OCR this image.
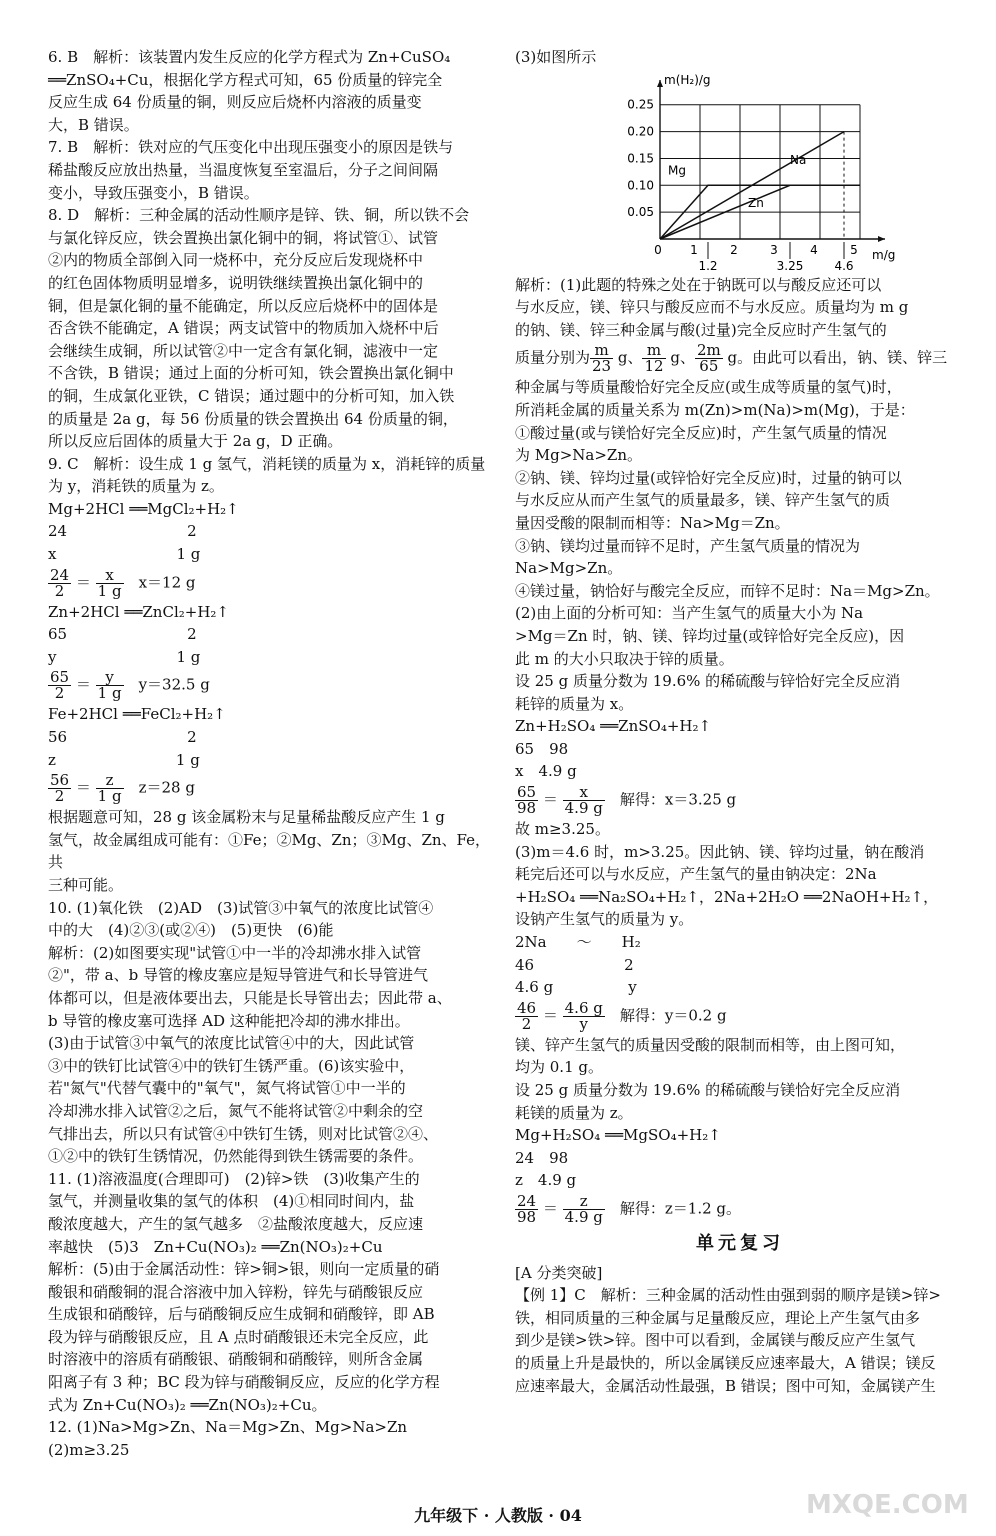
6. B　解析：该装置内发生反应的化学方程式为 Zn+CuSO₄

══ZnSO₄+Cu，根据化学方程式可知，65 份质量的锌完全

反应生成 64 份质量的铜，则反应后烧杯内溶液的质量变

大，B 错误。

7. B　解析：铁对应的气压变化中出现压强变小的原因是铁与

稀盐酸反应放出热量，当温度恢复至室温后，分子之间间隔

变小，导致压强变小，B 错误。

8. D　解析：三种金属的活动性顺序是锌、铁、铜，所以铁不会

与氯化锌反应，铁会置换出氯化铜中的铜，将试管①、试管

②内的物质全部倒入同一烧杯中，充分反应后发现烧杯中

的红色固体物质明显增多，说明铁继续置换出氯化铜中的

铜，但是氯化铜的量不能确定，所以反应后烧杯中的固体是

否含铁不能确定，A 错误；两支试管中的物质加入烧杯中后

会继续生成铜，所以试管②中一定含有氯化铜，滤液中一定

不含铁，B 错误；通过上面的分析可知，铁会置换出氯化铜中

的铜，生成氯化亚铁，C 错误；通过题中的分析可知，加入铁

的质量是 2a g，每 56 份质量的铁会置换出 64 份质量的铜，

所以反应后固体的质量大于 2a g，D 正确。

9. C　解析：设生成 1 g 氢气，消耗镁的质量为 x，消耗锌的质量

为 y，消耗铁的质量为 z。

Mg+2HCl ══MgCl₂+H₂↑

24　　　　　　　　2

x　　　　　　　　1 g

$\frac{24}{2} = \frac{x}{1 g}$ 　x＝12 g

Zn+2HCl ══ZnCl₂+H₂↑

65　　　　　　　　2

y　　　　　　　　1 g

$\frac{65}{2} = \frac{y}{1 g}$ 　y＝32.5 g

Fe+2HCl ══FeCl₂+H₂↑

56　　　　　　　　2

z　　　　　　　　1 g

$\frac{56}{2} = \frac{z}{1 g}$ 　z＝28 g

根据题意可知，28 g 该金属粉末与足量稀盐酸反应产生 1 g

氢气，故金属组成可能有：①Fe；②Mg、Zn；③Mg、Zn、Fe，共

三种可能。

10. (1)氧化铁　(2)AD　(3)试管③中氧气的浓度比试管④

中的大　(4)②③(或②④)　(5)更快　(6)能

解析：(2)如图要实现"试管①中一半的冷却沸水排入试管

②"，带 a、b 导管的橡皮塞应是短导管进气和长导管进气

体都可以，但是液体要出去，只能是长导管出去；因此带 a、

b 导管的橡皮塞可选择 AD 这种能把冷却的沸水排出。

(3)由于试管③中氧气的浓度比试管④中的大，因此试管

③中的铁钉比试管④中的铁钉生锈严重。(6)该实验中，

若"氮气"代替气囊中的"氧气"，氮气将试管①中一半的

冷却沸水排入试管②之后，氮气不能将试管②中剩余的空

气排出去，所以只有试管④中铁钉生锈，则对比试管②④、

①②中的铁钉生锈情况，仍然能得到铁生锈需要的条件。

11. (1)溶液温度(合理即可)　(2)锌>铁　(3)收集产生的

氢气，并测量收集的氢气的体积　(4)①相同时间内，盐

酸浓度越大，产生的氢气越多　②盐酸浓度越大，反应速

率越快　(5)3　Zn+Cu(NO₃)₂ ══Zn(NO₃)₂+Cu

解析：(5)由于金属活动性：锌>铜>银，则向一定质量的硝

酸银和硝酸铜的混合溶液中加入锌粉，锌先与硝酸银反应

生成银和硝酸锌，后与硝酸铜反应生成铜和硝酸锌，即 AB

段为锌与硝酸银反应，且 A 点时硝酸银还未完全反应，此

时溶液中的溶质有硝酸银、硝酸铜和硝酸锌，则所含金属

阳离子有 3 种；BC 段为锌与硝酸铜反应，反应的化学方程

式为 Zn+Cu(NO₃)₂ ══Zn(NO₃)₂+Cu。

12. (1)Na>Mg>Zn、Na＝Mg>Zn、Mg>Na>Zn　(2)m≥3.25

(3)如图所示

m(H₂)/g
m/g
0.05
0.10
0.15
0.20
0.25
0 1	2	3	4	5
1.2	3.25	4.6
Mg
Zn
Na

解析：(1)此题的特殊之处在于钠既可以与酸反应还可以

与水反应，镁、锌只与酸反应而不与水反应。质量均为 m g

的钠、镁、锌三种金属与酸(过量)完全反应时产生氢气的

质量分别为 $\frac{m}{23}$ g、 $\frac{m}{12}$ g、 $\frac{2m}{65}$ g。由此可以看出，钠、镁、锌三

种金属与等质量酸恰好完全反应(或生成等质量的氢气)时，

所消耗金属的质量关系为 m(Zn)>m(Na)>m(Mg)，于是：

①酸过量(或与镁恰好完全反应)时，产生氢气质量的情况

为 Mg>Na>Zn。

②钠、镁、锌均过量(或锌恰好完全反应)时，过量的钠可以

与水反应从而产生氢气的质量最多，镁、锌产生氢气的质

量因受酸的限制而相等：Na>Mg＝Zn。

③钠、镁均过量而锌不足时，产生氢气质量的情况为

Na>Mg>Zn。

④镁过量，钠恰好与酸完全反应，而锌不足时：Na＝Mg>Zn。

(2)由上面的分析可知：当产生氢气的质量大小为 Na

>Mg＝Zn 时，钠、镁、锌均过量(或锌恰好完全反应)，因

此 m 的大小只取决于锌的质量。

设 25 g 质量分数为 19.6% 的稀硫酸与锌恰好完全反应消

耗锌的质量为 x。

Zn+H₂SO₄ ══ZnSO₄+H₂↑

65　98

x　4.9 g

$\frac{65}{98} = \frac{x}{4.9 g}$ 　解得：x＝3.25 g

故 m≥3.25。

(3)m＝4.6 时，m>3.25。因此钠、镁、锌均过量，钠在酸消

耗完后还可以与水反应，产生氢气的量由钠决定：2Na

+H₂SO₄ ══Na₂SO₄+H₂↑，2Na+2H₂O ══2NaOH+H₂↑，

设钠产生氢气的质量为 y。

2Na　　～　　H₂

46　　　　　　2

4.6 g　　　　　y

$\frac{46}{2} = \frac{4.6 g}{y}$ 　解得：y＝0.2 g

镁、锌产生氢气的质量因受酸的限制而相等，由上图可知，

均为 0.1 g。

设 25 g 质量分数为 19.6% 的稀硫酸与镁恰好完全反应消

耗镁的质量为 z。

Mg+H₂SO₄ ══MgSO₄+H₂↑

24　98

z　4.9 g

$\frac{24}{98} = \frac{z}{4.9 g}$ 　解得：z＝1.2 g。
单元复习

[A 分类突破]

【例 1】C　解析：三种金属的活动性由强到弱的顺序是镁>锌>

铁，相同质量的三种金属与足量酸反应，理论上产生氢气由多

到少是镁>铁>锌。图中可以看到，金属镁与酸反应产生氢气

的质量上升是最快的，所以金属镁反应速率最大，A 错误；镁反

应速率最大，金属活动性最强，B 错误；图中可知，金属镁产生

九年级下 · 人教版 · 04	MXQE.COM
